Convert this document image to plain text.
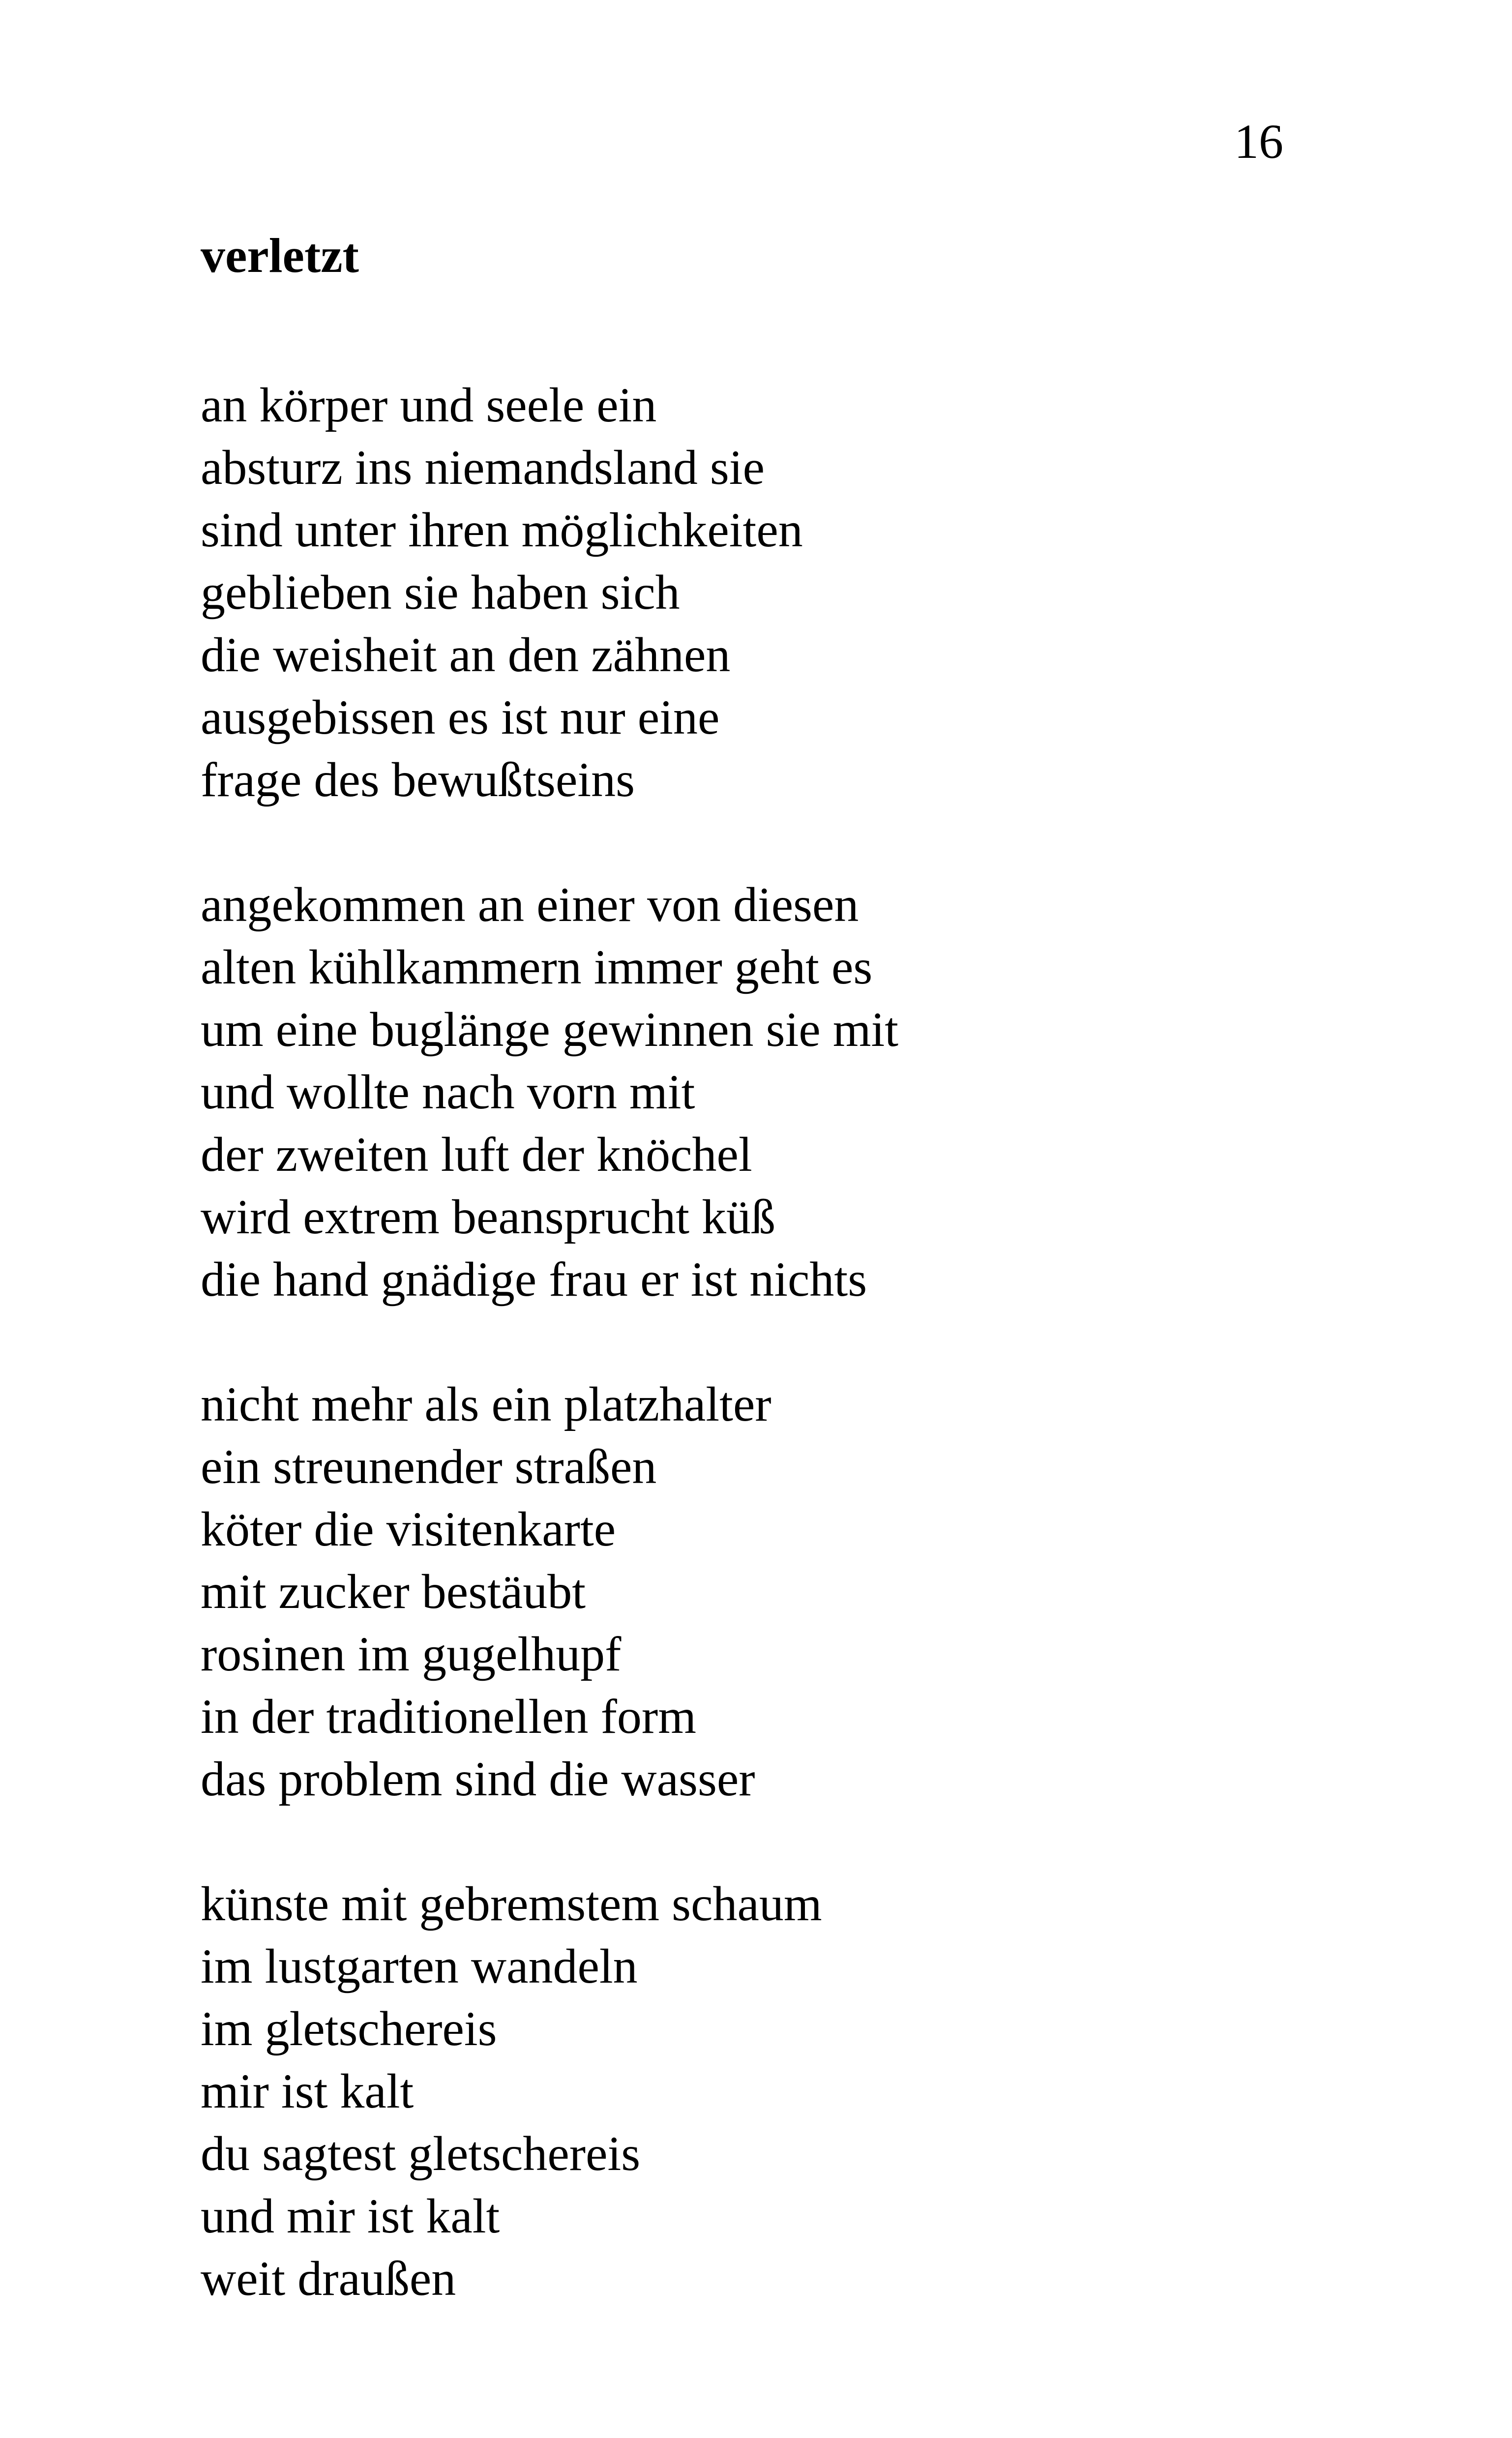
16
verletzt
an körper und seele ein
absturz ins niemandsland sie
sind unter ihren möglichkeiten
geblieben sie haben sich
die weisheit an den zähnen
ausgebissen es ist nur eine
frage des bewußtseins
angekommen an einer von diesen
alten kühlkammern immer geht es
um eine buglänge gewinnen sie mit
und wollte nach vorn mit
der zweiten luft der knöchel
wird extrem beansprucht küß
die hand gnädige frau er ist nichts
nicht mehr als ein platzhalter
ein streunender straßen
köter die visitenkarte
mit zucker bestäubt
rosinen im gugelhupf
in der traditionellen form
das problem sind die wasser
künste mit gebremstem schaum
im lustgarten wandeln
im gletschereis
mir ist kalt
du sagtest gletschereis
und mir ist kalt
weit draußen
